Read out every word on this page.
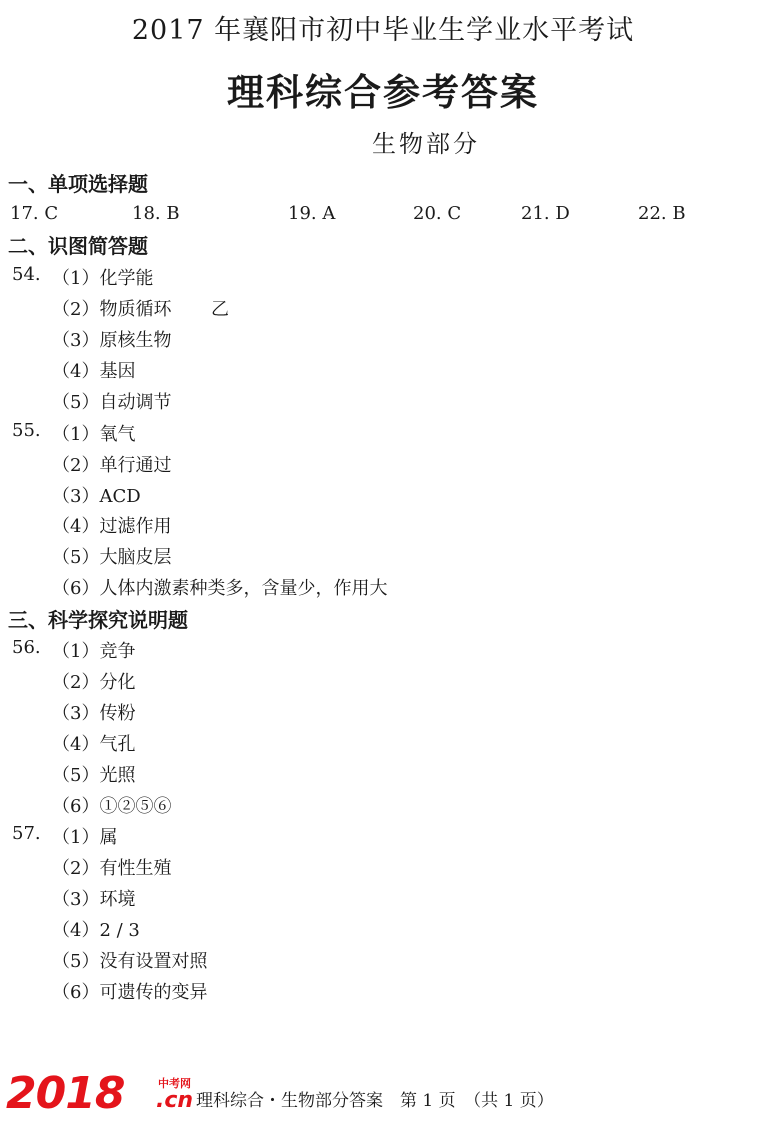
2017 年襄阳市初中毕业生学业水平考试
理科综合参考答案
生物部分
一、单项选择题
17. C	18. B	19. A	20. C	21. D	22. B
二、识图简答题
54. （1）化学能
（2）物质循环 乙
（3）原核生物
（4）基因
（5）自动调节
55. （1）氧气
（2）单行通过
（3）ACD
（4）过滤作用
（5）大脑皮层
（6）人体内激素种类多，含量少，作用大
三、科学探究说明题
56. （1）竞争
（2）分化
（3）传粉
（4）气孔
（5）光照
（6）①②⑤⑥
57. （1）属
（2）有性生殖
（3）环境
（4）2 / 3
（5）没有设置对照
（6）可遗传的变异
2018	中考网
.cn 理科综合・生物部分答案　第 1 页　（共 1 页）
